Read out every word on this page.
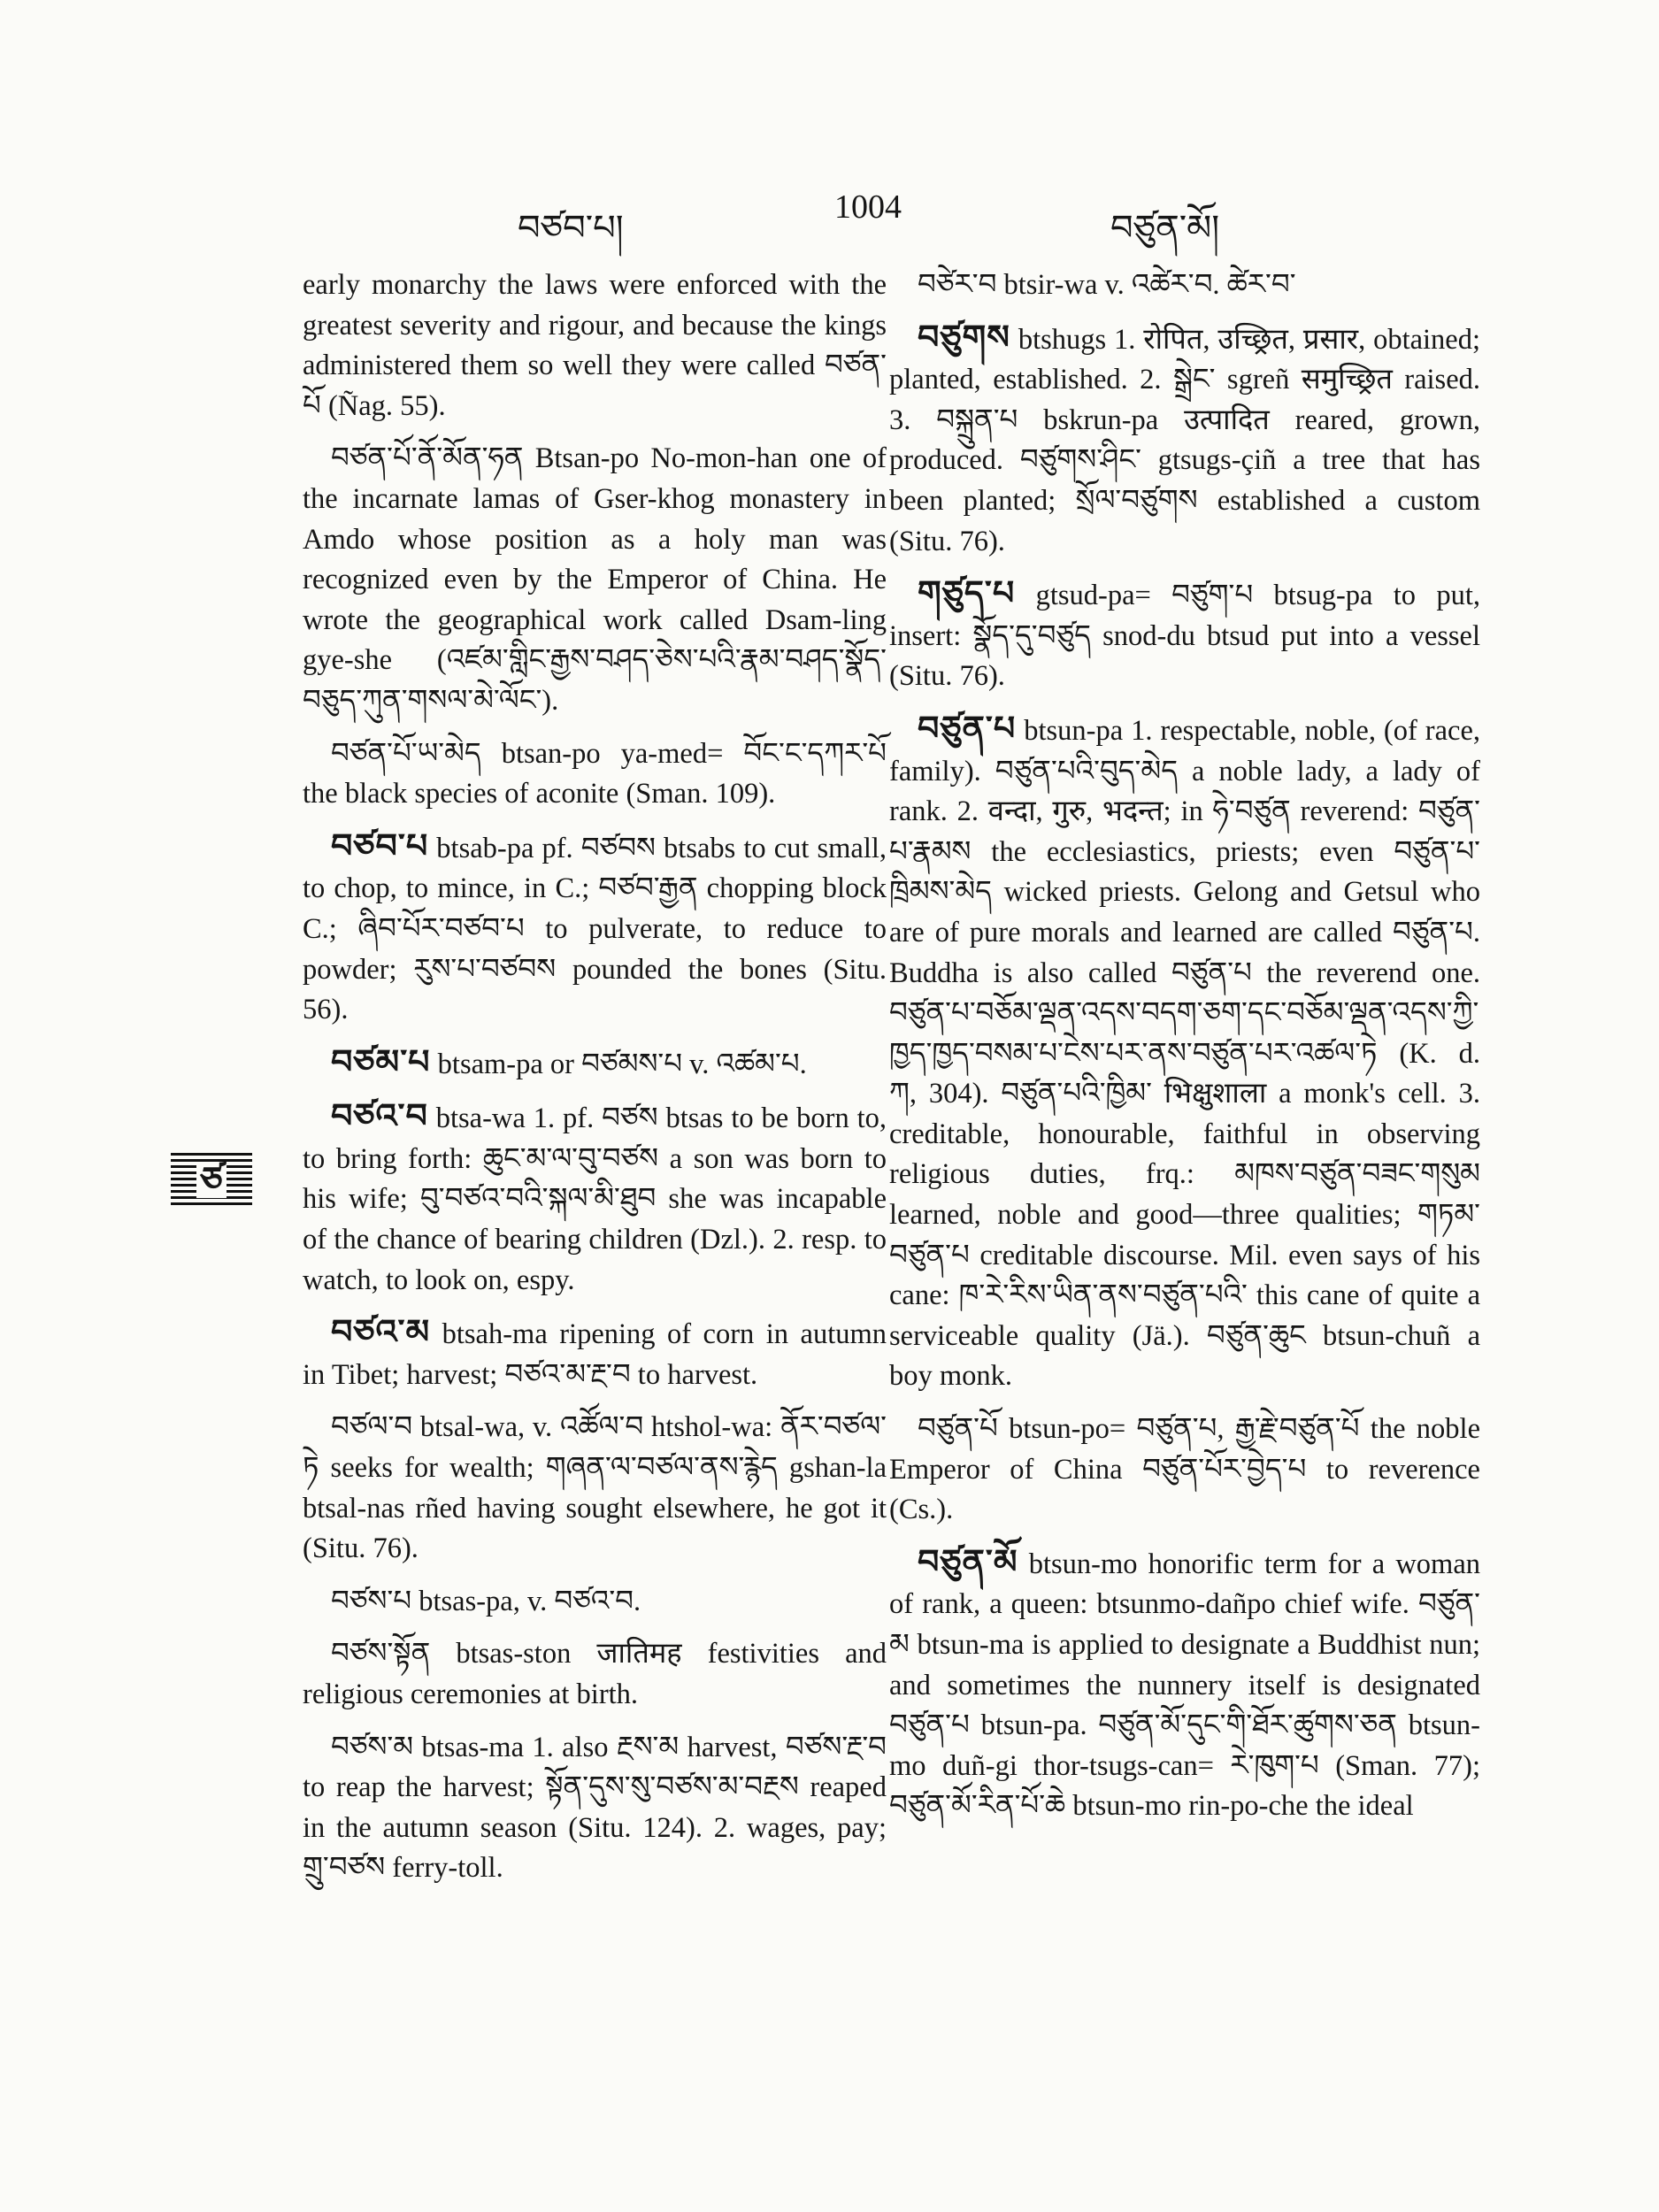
བཙབ་པ།
1004
བཙུན་མོ།
ཙ

early monarchy the laws were enforced with the greatest severity and rigour, and because the kings administered them so well they were called བཙན་པོ (Ñag. 55).

བཙན་པོ་ནོ་མོན་ཧན Btsan-po No-mon-han one of the incarnate lamas of Gser-khog monastery in Amdo whose position as a holy man was recognized even by the Emperor of China. He wrote the geographical work called Dsam-ling gye-she (འཛམ་གླིང་རྒྱས་བཤད་ཅེས་པའི་རྣམ་བཤད་སྣོད་བཅུད་ཀུན་གསལ་མེ་ལོང་).

བཙན་པོ་ཡ་མེད btsan-po ya-med= བོང་ང་དཀར་པོ the black species of aconite (Sman. 109).

བཙབ་པ btsab-pa pf. བཙབས btsabs to cut small, to chop, to mince, in C.; བཙབ་རྒྱན chopping block C.; ཞིབ་པོར་བཙབ་པ to pulverate, to reduce to powder; རུས་པ་བཙབས pounded the bones (Situ. 56).

བཙམ་པ btsam-pa or བཙམས་པ v. འཚམ་པ.

བཙའ་བ btsa-wa 1. pf. བཙས btsas to be born to, to bring forth: ཆུང་མ་ལ་བུ་བཙས a son was born to his wife; བུ་བཙའ་བའི་སྐལ་མི་ཐུབ she was incapable of the chance of bearing children (Dzl.). 2. resp. to watch, to look on, espy.

བཙའ་མ btsah-ma ripening of corn in autumn in Tibet; harvest; བཙའ་མ་རྔ་བ to harvest.

བཙལ་བ btsal-wa, v. འཚོལ་བ htshol-wa: ནོར་བཙལ་ཏེ seeks for wealth; གཞན་ལ་བཙལ་ནས་རྙེད gshan-la btsal-nas rñed having sought elsewhere, he got it (Situ. 76).

བཙས་པ btsas-pa, v. བཙའ་བ.

བཙས་སྟོན btsas-ston जातिमह festivities and religious ceremonies at birth.

བཙས་མ btsas-ma 1. also རྔས་མ harvest, བཙས་རྔ་བ to reap the harvest; སྟོན་དུས་སུ་བཙས་མ་བརྔས reaped in the autumn season (Situ. 124). 2. wages, pay; གྲུ་བཙས ferry-toll.

བཙེར་བ btsir-wa v. འཚེར་བ. ཚེར་བ་

བཙུགས btshugs 1. रोपित, उच्छ्रित, प्रसार, obtained; planted, established. 2. སྒྲེང་ sgreñ समुच्छ्रित raised. 3. བསྐྲུན་པ bskrun-pa उत्पादित reared, grown, produced. བཙུགས་ཤིང་ gtsugs-çiñ a tree that has been planted; སྲོལ་བཙུགས established a custom (Situ. 76).

གཙུད་པ gtsud-pa= བཙུག་པ btsug-pa to put, insert: སྣོད་དུ་བཙུད snod-du btsud put into a vessel (Situ. 76).

བཙུན་པ btsun-pa 1. respectable, noble, (of race, family). བཙུན་པའི་བུད་མེད a noble lady, a lady of rank. 2. वन्दा, गुरु, भदन्त; in ཧེ་བཙུན reverend: བཙུན་པ་རྣམས the ecclesiastics, priests; even བཙུན་པ་ཁྲིམས་མེད wicked priests. Gelong and Getsul who are of pure morals and learned are called བཙུན་པ. Buddha is also called བཙུན་པ the reverend one. བཙུན་པ་བཅོམ་ལྡན་འདས་བདག་ཅག་དང་བཅོམ་ལྡན་འདས་ཀྱི་ཁྱད་ཁྱད་བསམ་པ་ངེས་པར་ནས་བཙུན་པར་འཚལ་ཏེ (K. d. ཀ, 304). བཙུན་པའི་ཁྱིམ་ भिक्षुशाला a monk's cell. 3. creditable, honourable, faithful in observing religious duties, frq.: མཁས་བཙུན་བཟང་གསུམ learned, noble and good—three qualities; གཏམ་བཙུན་པ creditable discourse. Mil. even says of his cane: ཁ་རེ་རིས་ཡིན་ནས་བཙུན་པའི་ this cane of quite a serviceable quality (Jä.). བཙུན་ཆུང btsun-chuñ a boy monk.

བཙུན་པོ btsun-po= བཙུན་པ, རྒྱ་རྗེ་བཙུན་པོ the noble Emperor of China བཙུན་པོར་བྱེད་པ to reverence (Cs.).

བཙུན་མོ btsun-mo honorific term for a woman of rank, a queen: btsunmo-dañpo chief wife. བཙུན་མ btsun-ma is applied to designate a Buddhist nun; and sometimes the nunnery itself is designated བཙུན་པ btsun-pa. བཙུན་མོ་དུང་གི་ཐོར་ཚུགས་ཅན btsun-mo duñ-gi thor-tsugs-can= རེ་ཁུག་པ (Sman. 77); བཙུན་མོ་རིན་པོ་ཆེ btsun-mo rin-po-che the ideal
